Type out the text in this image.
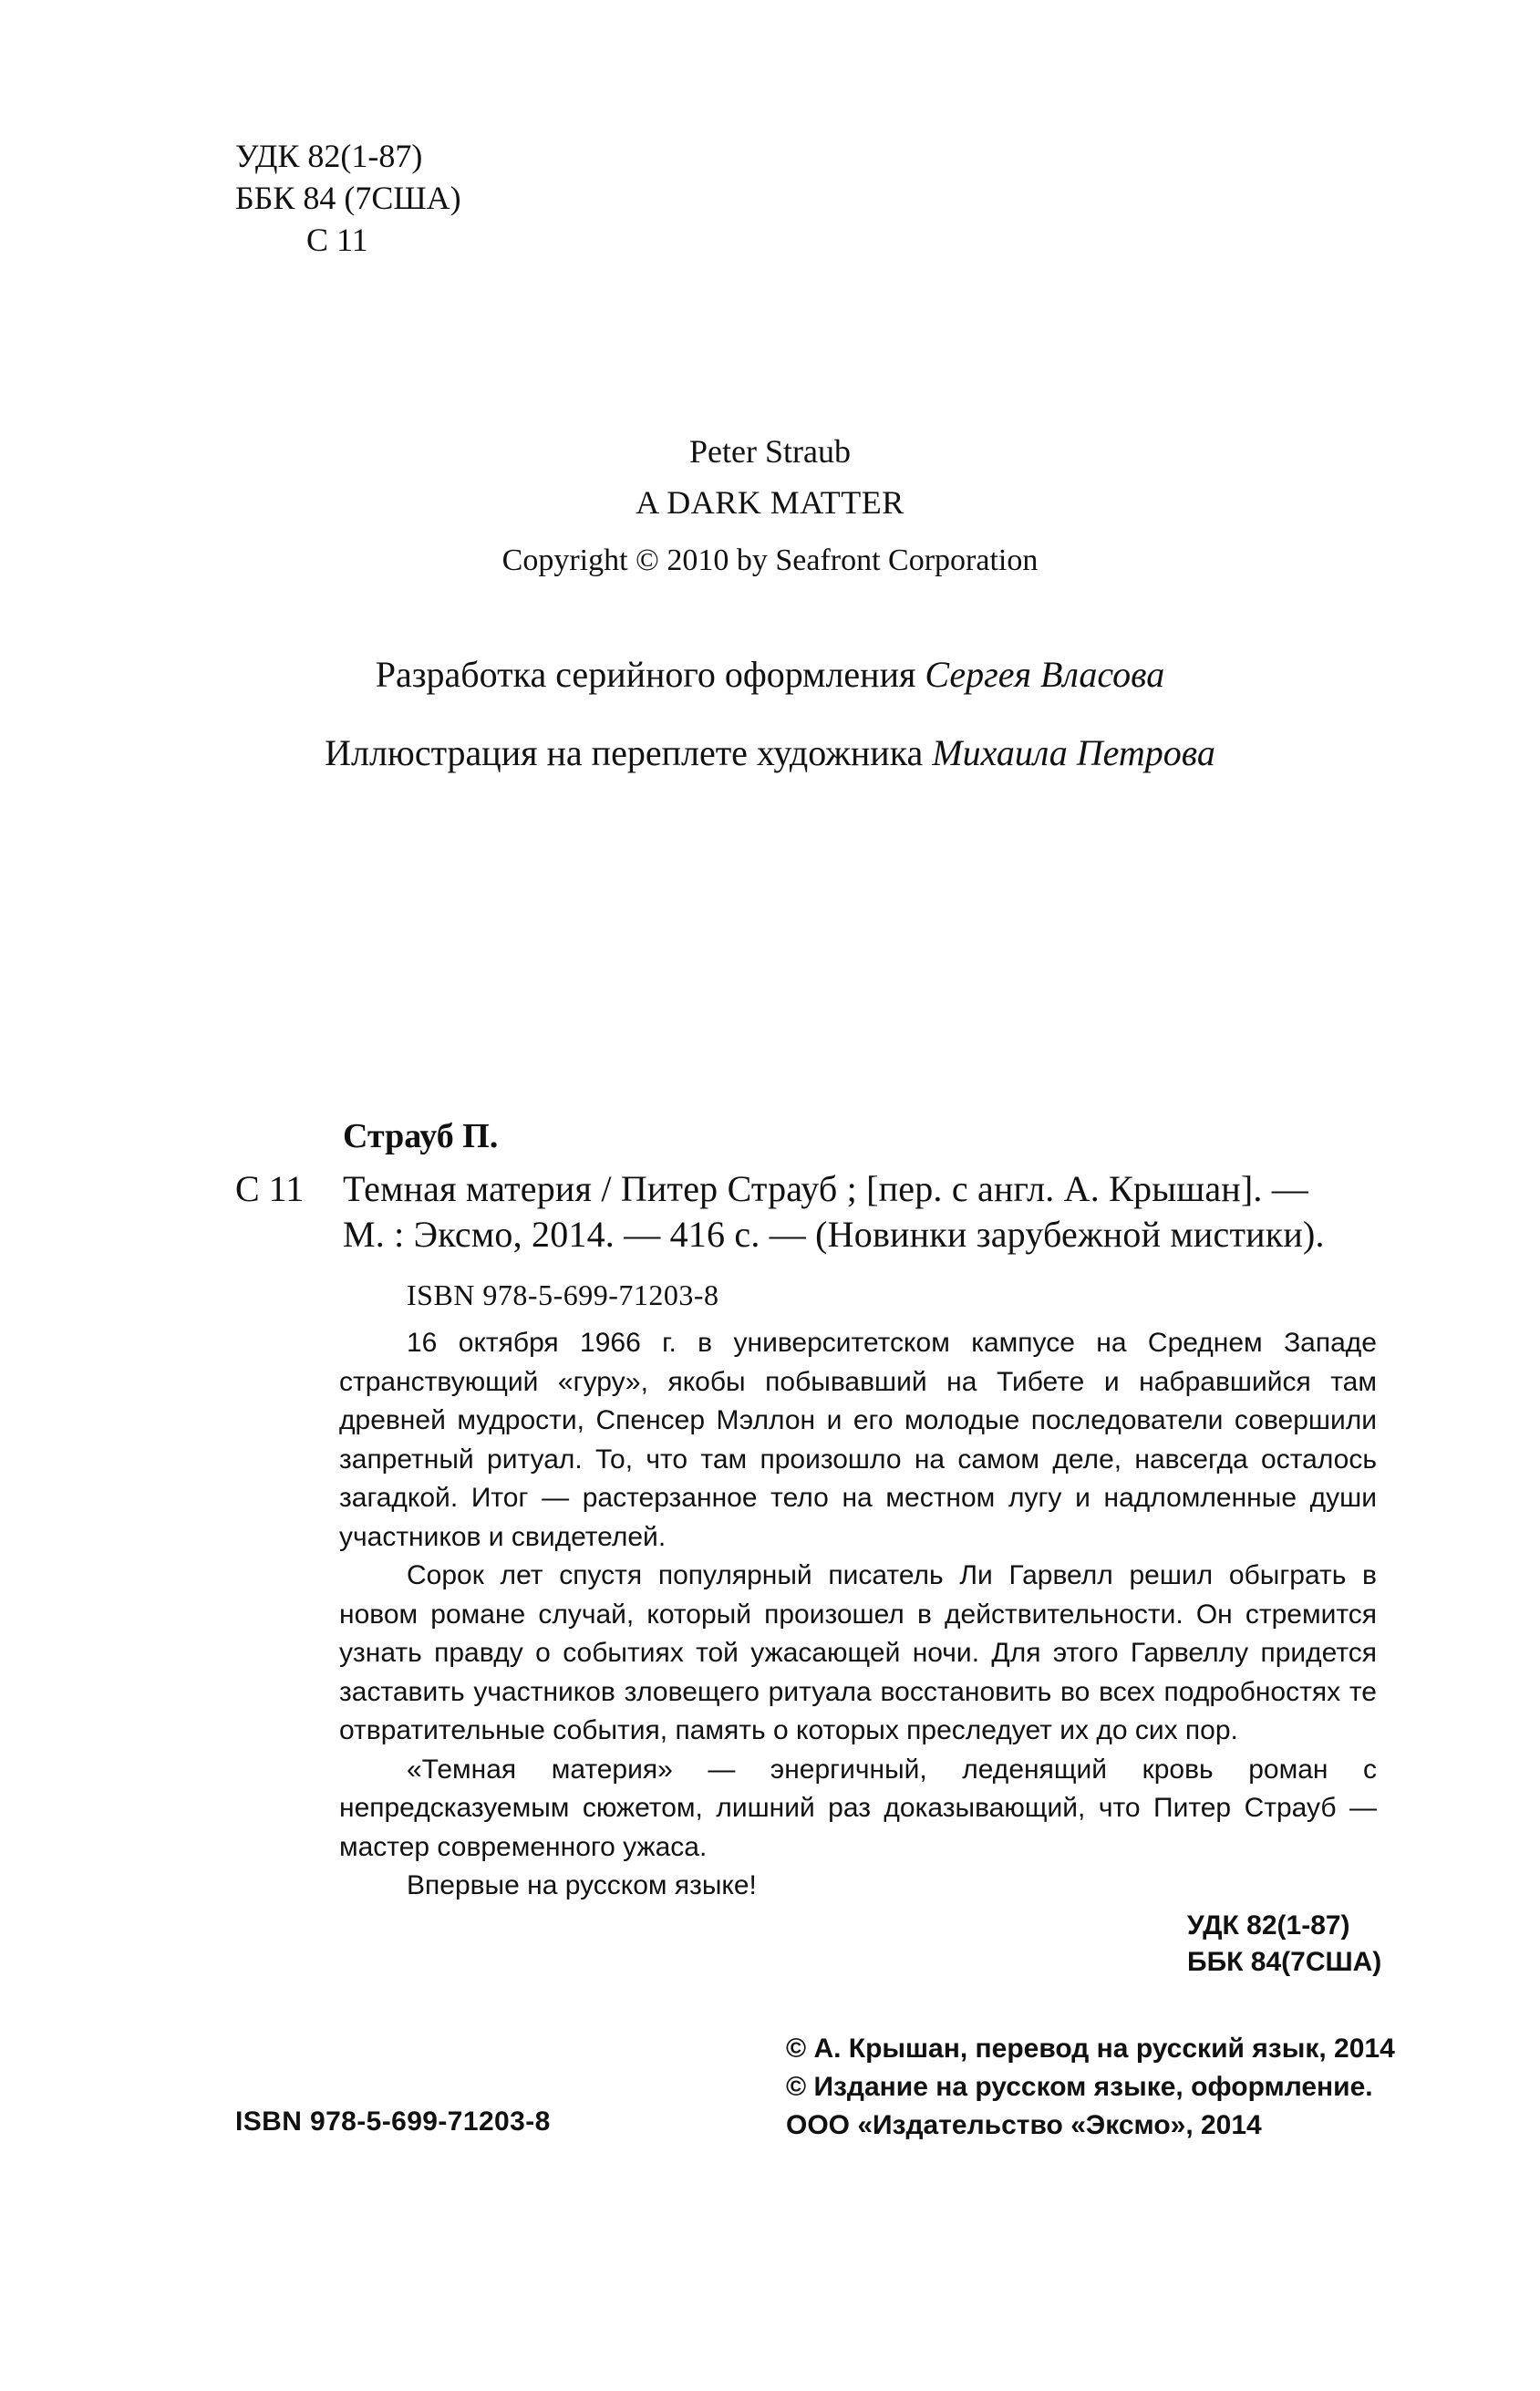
УДК 82(1-87)
ББК 84 (7США)
С 11
Peter Straub
A DARK MATTER
Copyright © 2010 by Seafront Corporation
Разработка серийного оформления Сергея Власова
Иллюстрация на переплете художника Михаила Петрова
Страуб П.
С 11 Темная материя / Питер Страуб ; [пер. с англ. А. Крышан]. —
М. : Эксмо, 2014. — 416 с. — (Новинки зарубежной мистики).
ISBN 978-5-699-71203-8

16 октября 1966 г. в университетском кампусе на Среднем Западе странствующий «гуру», якобы побывавший на Тибете и набравшийся там древней мудрости, Спенсер Мэллон и его молодые последователи совершили запретный ритуал. То, что там произошло на самом деле, навсегда осталось загадкой. Итог — растерзанное тело на местном лугу и надломленные души участников и свидетелей.

Сорок лет спустя популярный писатель Ли Гарвелл решил обыграть в новом романе случай, который произошел в действительности. Он стремится узнать правду о событиях той ужасающей ночи. Для этого Гарвеллу придется заставить участников зловещего ритуала восстановить во всех подробностях те отвратительные события, память о которых преследует их до сих пор.

«Темная материя» — энергичный, леденящий кровь роман с непредсказуемым сюжетом, лишний раз доказывающий, что Питер Страуб — мастер современного ужаса.

Впервые на русском языке!

УДК 82(1-87)
ББК 84(7США)
© А. Крышан, перевод на русский язык, 2014
© Издание на русском языке, оформление.
ООО «Издательство «Эксмо», 2014
ISBN 978-5-699-71203-8
